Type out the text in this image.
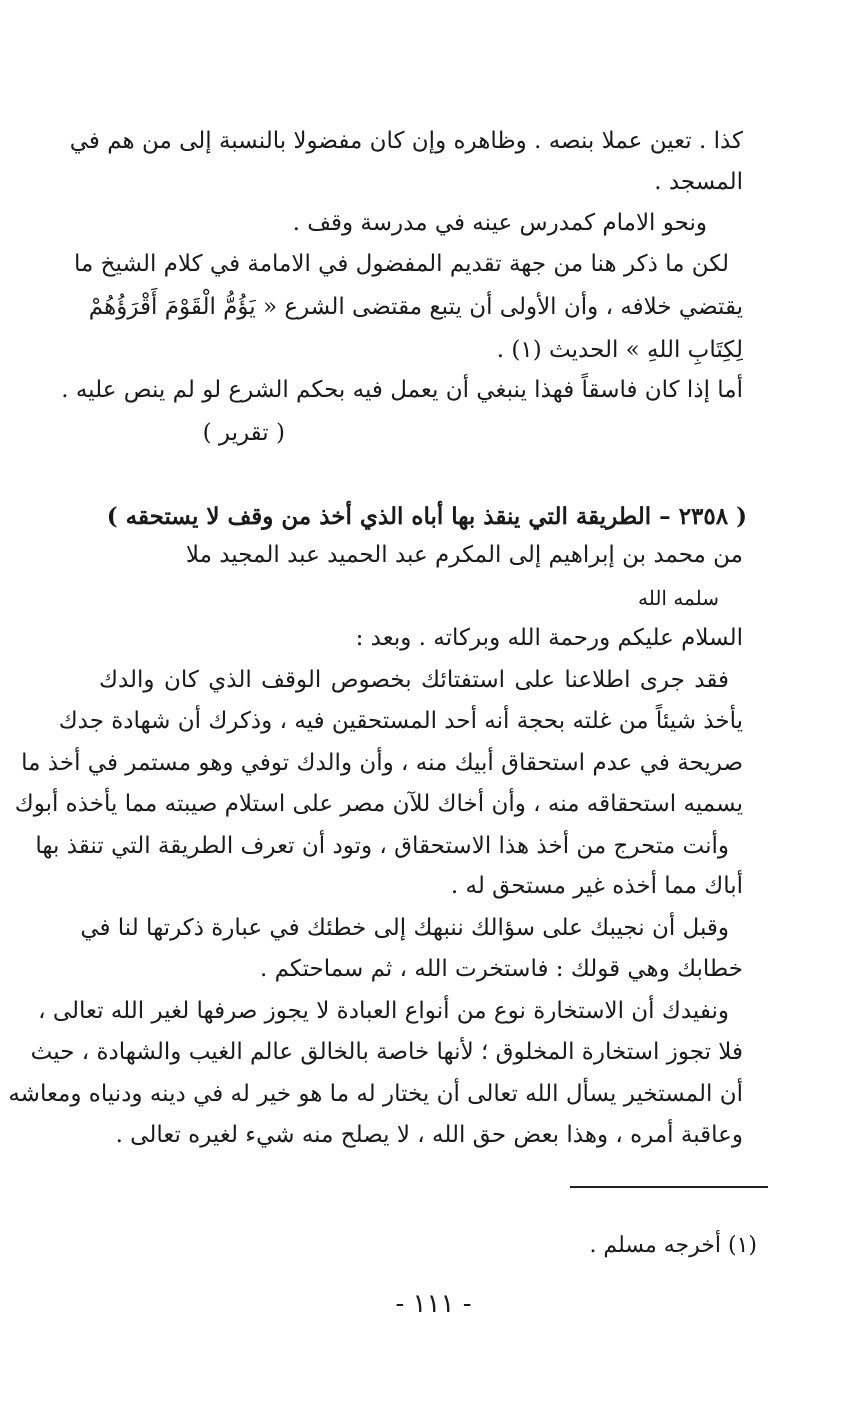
كذا . تعين عملا بنصه . وظاهره وإن كان مفضولا بالنسبة إلى من هم في
المسجد .
ونحو الامام كمدرس عينه في مدرسة وقف .
لكن ما ذكر هنا من جهة تقديم المفضول في الامامة في كلام الشيخ ما
يقتضي خلافه ، وأن الأولى أن يتبع مقتضى الشرع « يَؤُمُّ الْقَوْمَ أَقْرَؤُهُمْ
لِكِتَابِ اللهِ » الحديث (١) .
أما إذا كان فاسقاً فهذا ينبغي أن يعمل فيه بحكم الشرع لو لم ينص عليه .
( تقرير )
( ٢٣٥٨ – الطريقة التي ينقذ بها أباه الذي أخذ من وقف لا يستحقه )
من محمد بن إبراهيم إلى المكرم عبد الحميد عبد المجيد ملا
سلمه الله
السلام عليكم ورحمة الله وبركاته . وبعد :
فقد جرى اطلاعنا على استفتائك بخصوص الوقف الذي كان والدك
يأخذ شيئاً من غلته بحجة أنه أحد المستحقين فيه ، وذكرك أن شهادة جدك
صريحة في عدم استحقاق أبيك منه ، وأن والدك توفي وهو مستمر في أخذ ما
يسميه استحقاقه منه ، وأن أخاك للآن مصر على استلام صيبته مما يأخذه أبوك
وأنت متحرج من أخذ هذا الاستحقاق ، وتود أن تعرف الطريقة التي تنقذ بها
أباك مما أخذه غير مستحق له .
وقبل أن نجيبك على سؤالك ننبهك إلى خطئك في عبارة ذكرتها لنا في
خطابك وهي قولك : فاستخرت الله ، ثم سماحتكم .
ونفيدك أن الاستخارة نوع من أنواع العبادة لا يجوز صرفها لغير الله تعالى ،
فلا تجوز استخارة المخلوق ؛ لأنها خاصة بالخالق عالم الغيب والشهادة ، حيث
أن المستخير يسأل الله تعالى أن يختار له ما هو خير له في دينه ودنياه ومعاشه
وعاقبة أمره ، وهذا بعض حق الله ، لا يصلح منه شيء لغيره تعالى .
(١) أخرجه مسلم .
- ١١١ -
